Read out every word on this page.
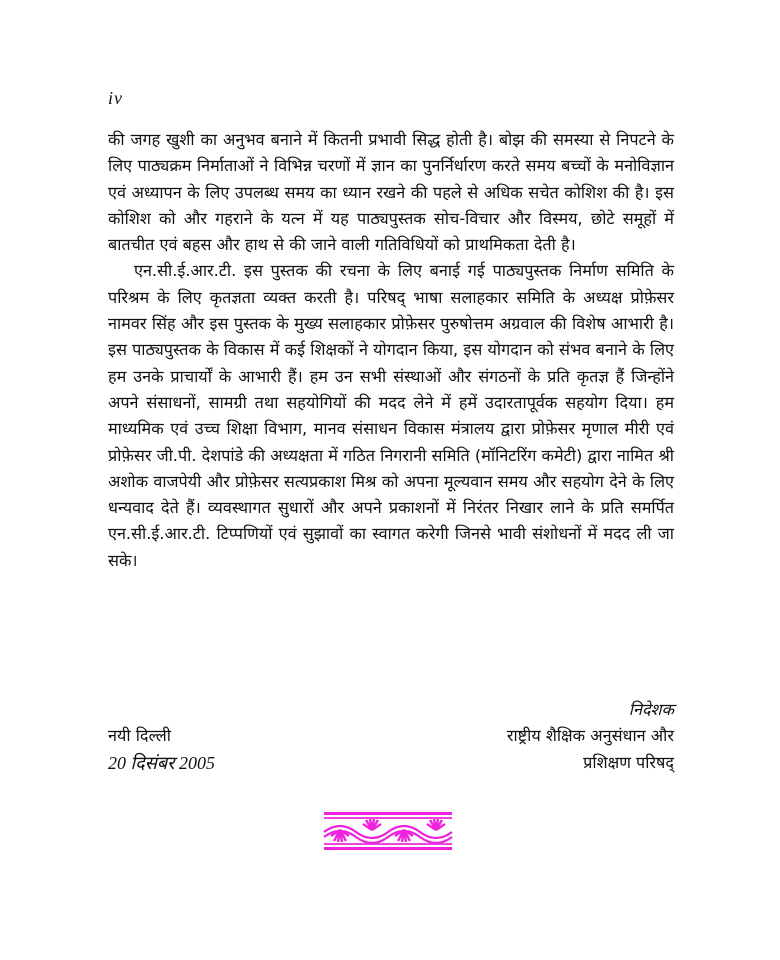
iv

की जगह खुशी का अनुभव बनाने में कितनी प्रभावी सिद्ध होती है। बोझ की समस्या से निपटने के लिए पाठ्यक्रम निर्माताओं ने विभिन्न चरणों में ज्ञान का पुनर्निर्धारण करते समय बच्चों के मनोविज्ञान एवं अध्यापन के लिए उपलब्ध समय का ध्यान रखने की पहले से अधिक सचेत कोशिश की है। इस कोशिश को और गहराने के यत्न में यह पाठ्यपुस्तक सोच-विचार और विस्मय, छोटे समूहों में बातचीत एवं बहस और हाथ से की जाने वाली गतिविधियों को प्राथमिकता देती है।

एन.सी.ई.आर.टी. इस पुस्तक की रचना के लिए बनाई गई पाठ्यपुस्तक निर्माण समिति के परिश्रम के लिए कृतज्ञता व्यक्त करती है। परिषद् भाषा सलाहकार समिति के अध्यक्ष प्रोफ़ेसर नामवर सिंह और इस पुस्तक के मुख्य सलाहकार प्रोफ़ेसर पुरुषोत्तम अग्रवाल की विशेष आभारी है। इस पाठ्यपुस्तक के विकास में कई शिक्षकों ने योगदान किया, इस योगदान को संभव बनाने के लिए हम उनके प्राचार्यों के आभारी हैं। हम उन सभी संस्थाओं और संगठनों के प्रति कृतज्ञ हैं जिन्होंने अपने संसाधनों, सामग्री तथा सहयोगियों की मदद लेने में हमें उदारतापूर्वक सहयोग दिया। हम माध्यमिक एवं उच्च शिक्षा विभाग, मानव संसाधन विकास मंत्रालय द्वारा प्रोफ़ेसर मृणाल मीरी एवं प्रोफ़ेसर जी.पी. देशपांडे की अध्यक्षता में गठित निगरानी समिति (मॉनिटरिंग कमेटी) द्वारा नामित श्री अशोक वाजपेयी और प्रोफ़ेसर सत्यप्रकाश मिश्र को अपना मूल्यवान समय और सहयोग देने के लिए धन्यवाद देते हैं। व्यवस्थागत सुधारों और अपने प्रकाशनों में निरंतर निखार लाने के प्रति समर्पित एन.सी.ई.आर.टी. टिप्पणियों एवं सुझावों का स्वागत करेगी जिनसे भावी संशोधनों में मदद ली जा सके।

निदेशक
नयी दिल्ली	राष्ट्रीय शैक्षिक अनुसंधान और
20 दिसंबर 2005	प्रशिक्षण परिषद्
